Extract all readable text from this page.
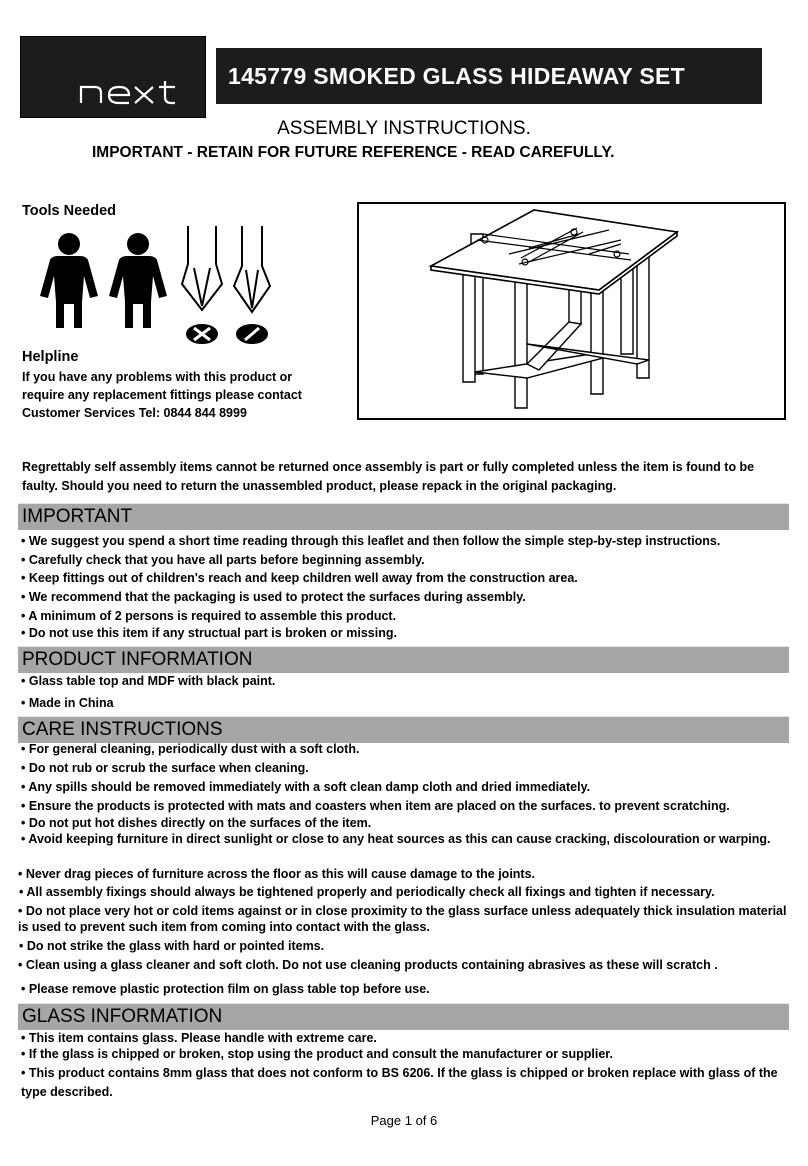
145779 SMOKED GLASS HIDEAWAY SET
ASSEMBLY INSTRUCTIONS.
IMPORTANT - RETAIN FOR FUTURE REFERENCE - READ CAREFULLY.
Tools Needed
Helpline
If you have any problems with this product or
require any replacement fittings please contact
Customer Services Tel: 0844 844 8999
Regrettably self assembly items cannot be returned once assembly is part or fully completed unless the item is found to be faulty. Should you need to return the unassembled product, please repack in the original packaging.
IMPORTANT
• We suggest you spend a short time reading through this leaflet and then follow the simple step-by-step instructions.
• Carefully check that you have all parts before beginning assembly.
• Keep fittings out of children's reach and keep children well away from the construction area.
• We recommend that the packaging is used to protect the surfaces during assembly.
• A minimum of 2 persons is required to assemble this product.
• Do not use this item if any structual part is broken or missing.
PRODUCT INFORMATION
• Glass table top and MDF with black paint.
• Made in China
CARE INSTRUCTIONS
• For general cleaning, periodically dust with a soft cloth.
• Do not rub or scrub the surface when cleaning.
• Any spills should be removed immediately with a soft clean damp cloth and dried immediately.
• Ensure the products is protected with mats and coasters when item are placed on the surfaces. to prevent scratching.
• Do not put hot dishes directly on the surfaces of the item.
• Avoid keeping furniture in direct sunlight or close to any heat sources as this can cause cracking, discolouration or warping.
• Never drag pieces of furniture across the floor as this will cause damage to the joints.
• All assembly fixings should always be tightened properly and periodically check all fixings and tighten if necessary.
• Do not place very hot or cold items against or in close proximity to the glass surface unless adequately thick insulation material is used to prevent such item from coming into contact with the glass.
• Do not strike the glass with hard or pointed items.
• Clean using a glass cleaner and soft cloth. Do not use cleaning products containing abrasives as these will scratch .
• Please remove plastic protection film on glass table top before use.
GLASS INFORMATION
• This item contains glass. Please handle with extreme care.
• If the glass is chipped or broken, stop using the product and consult the manufacturer or supplier.
• This product contains 8mm glass that does not conform to BS 6206. If the glass is chipped or broken replace with glass of the type described.
Page 1 of 6
